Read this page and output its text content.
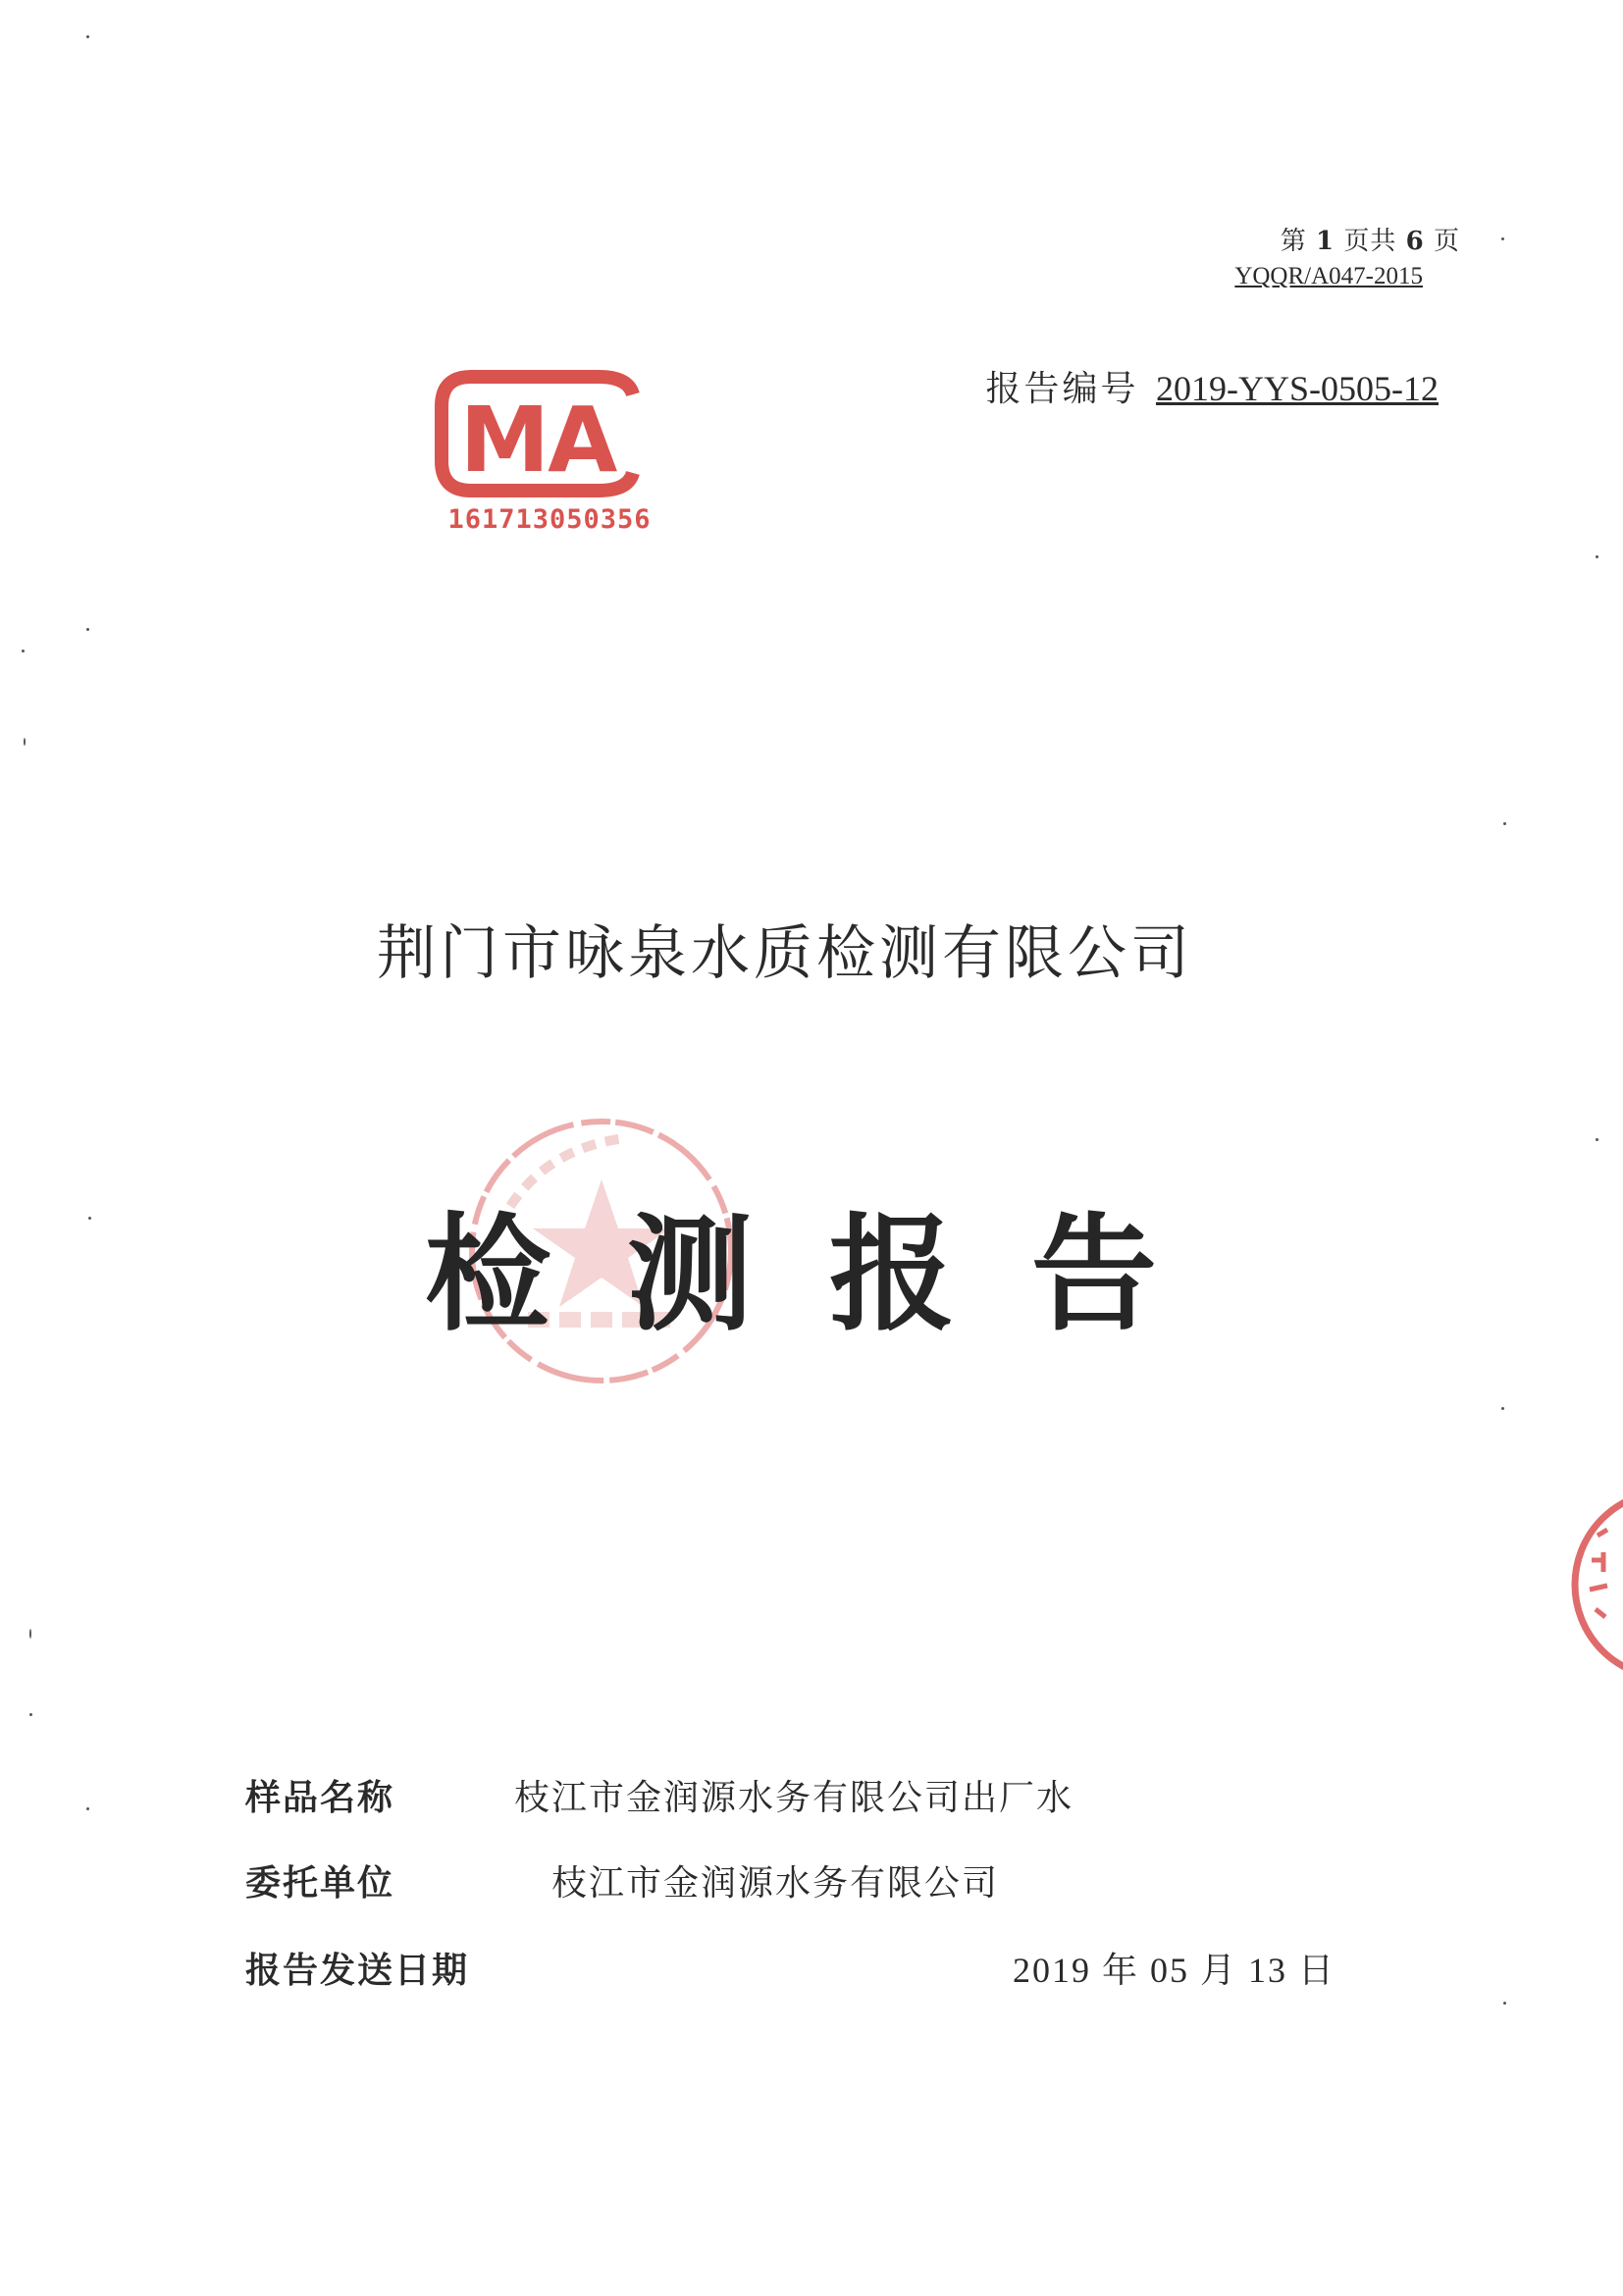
第 1 页共 6 页
YQQR/A047-2015
报告编号 2019-YYS-0505-12
MA
161713050356
荆门市咏泉水质检测有限公司
检测报告
样品名称	枝江市金润源水务有限公司出厂水
委托单位	枝江市金润源水务有限公司
报告发送日期	2019 年 05 月 13 日
